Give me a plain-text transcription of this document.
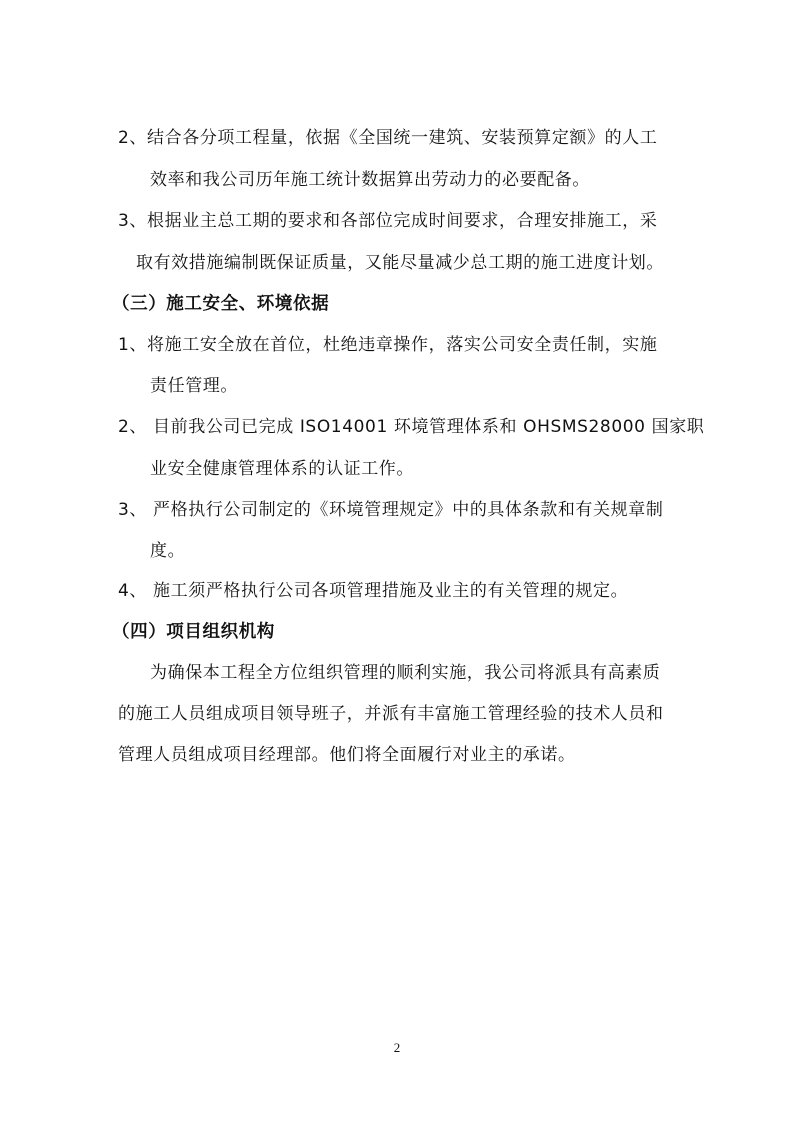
2、结合各分项工程量，依据《全国统一建筑、安装预算定额》的人工
效率和我公司历年施工统计数据算出劳动力的必要配备。
3、根据业主总工期的要求和各部位完成时间要求，合理安排施工，采
取有效措施编制既保证质量，又能尽量减少总工期的施工进度计划。
（三）施工安全、环境依据
1、将施工安全放在首位，杜绝违章操作，落实公司安全责任制，实施
责任管理。
2、 目前我公司已完成 ISO14001 环境管理体系和 OHSMS28000 国家职
业安全健康管理体系的认证工作。
3、 严格执行公司制定的《环境管理规定》中的具体条款和有关规章制
度。
4、 施工须严格执行公司各项管理措施及业主的有关管理的规定。
（四）项目组织机构
为确保本工程全方位组织管理的顺利实施，我公司将派具有高素质
的施工人员组成项目领导班子，并派有丰富施工管理经验的技术人员和
管理人员组成项目经理部。他们将全面履行对业主的承诺。
2
